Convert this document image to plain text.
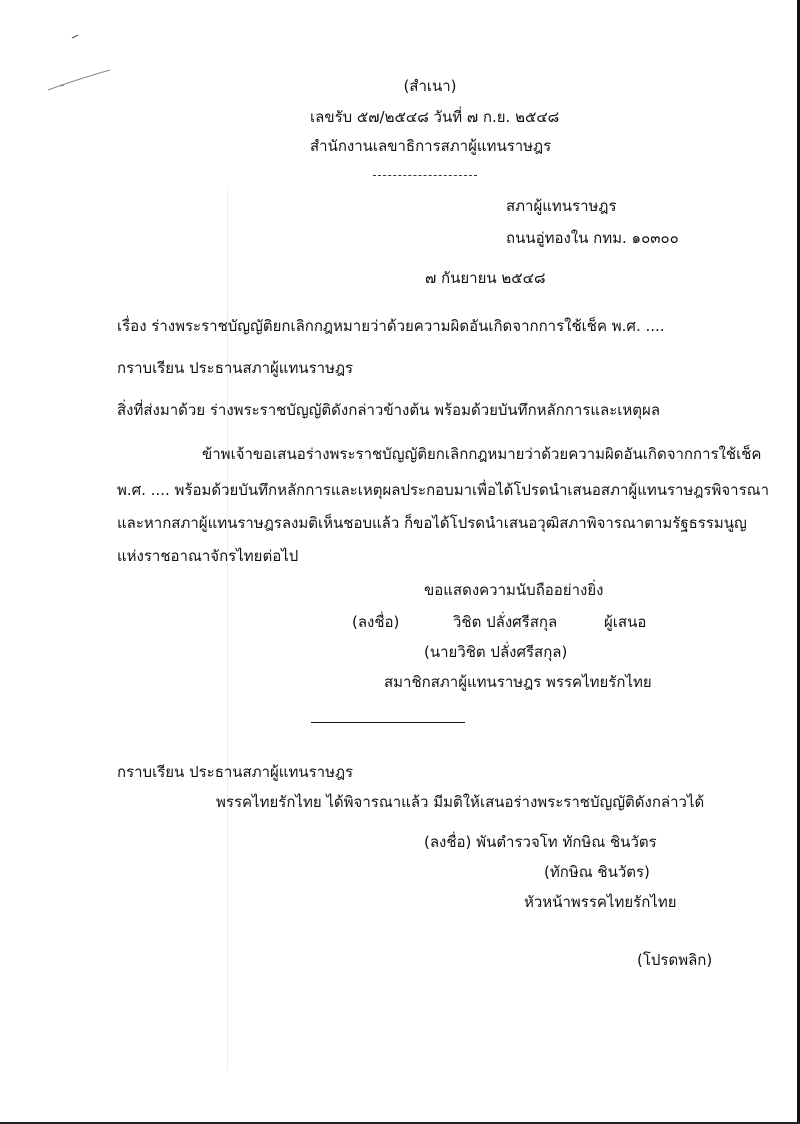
(สำเนา)
เลขรับ ๕๗/๒๕๔๘ วันที่ ๗ ก.ย. ๒๕๔๘
สำนักงานเลขาธิการสภาผู้แทนราษฎร
สภาผู้แทนราษฎร
ถนนอู่ทองใน กทม. ๑๐๓๐๐
๗ กันยายน ๒๕๔๘
เรื่อง ร่างพระราชบัญญัติยกเลิกกฎหมายว่าด้วยความผิดอันเกิดจากการใช้เช็ค พ.ศ. ....
กราบเรียน ประธานสภาผู้แทนราษฎร
สิ่งที่ส่งมาด้วย ร่างพระราชบัญญัติดังกล่าวข้างต้น พร้อมด้วยบันทึกหลักการและเหตุผล
ข้าพเจ้าขอเสนอร่างพระราชบัญญัติยกเลิกกฎหมายว่าด้วยความผิดอันเกิดจากการใช้เช็ค
พ.ศ. .... พร้อมด้วยบันทึกหลักการและเหตุผลประกอบมาเพื่อได้โปรดนำเสนอสภาผู้แทนราษฎรพิจารณา
และหากสภาผู้แทนราษฎรลงมติเห็นชอบแล้ว ก็ขอได้โปรดนำเสนอวุฒิสภาพิจารณาตามรัฐธรรมนูญ
แห่งราชอาณาจักรไทยต่อไป
ขอแสดงความนับถืออย่างยิ่ง
(ลงชื่อ)	วิชิต ปลั่งศรีสกุล	ผู้เสนอ
(นายวิชิต ปลั่งศรีสกุล)
สมาชิกสภาผู้แทนราษฎร พรรคไทยรักไทย
กราบเรียน ประธานสภาผู้แทนราษฎร
พรรคไทยรักไทย ได้พิจารณาแล้ว มีมติให้เสนอร่างพระราชบัญญัติดังกล่าวได้
(ลงชื่อ) พันตำรวจโท ทักษิณ ชินวัตร
(ทักษิณ ชินวัตร)
หัวหน้าพรรคไทยรักไทย
(โปรดพลิก)
